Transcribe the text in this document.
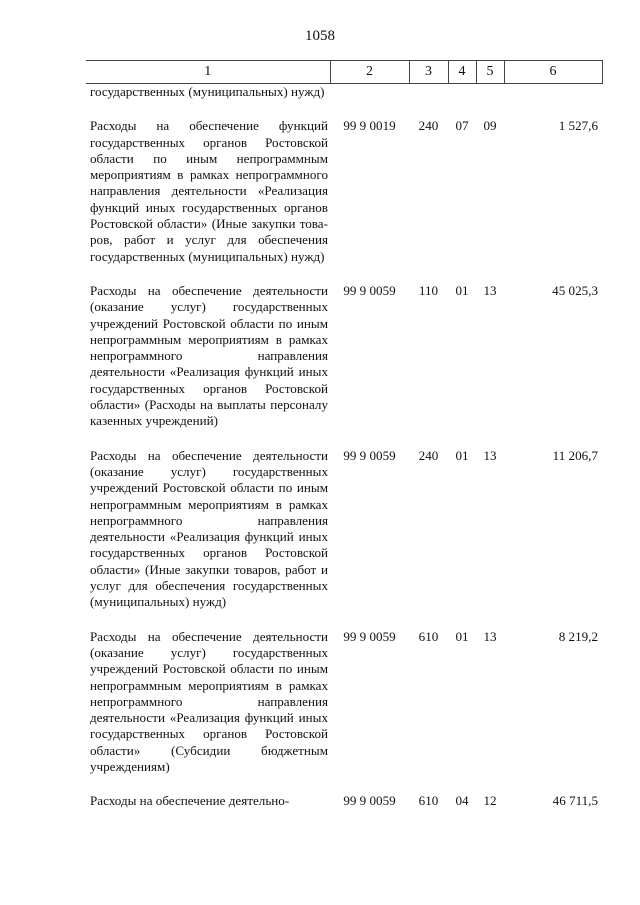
1058
1	2	3	4	5	6
государственных (муниципальных) нужд)					
Расходы на обеспечение функций государственных органов Ростовской области по иным непрограммным мероприятиям в рамках непрограммного направления деятельности «Реализация функций иных государственных органов Ростовской области» (Иные закупки товаров, работ и услуг для обеспечения государственных (муниципальных) нужд)	99 9 0019	240	07	09	1 527,6
Расходы на обеспечение деятельности (оказание услуг) государственных учреждений Ростовской области по иным непрограммным мероприятиям в рамках непрограммного направления деятельности «Реализация функций иных государственных органов Ростовской области» (Расходы на выплаты персоналу казенных учреждений)	99 9 0059	110	01	13	45 025,3
Расходы на обеспечение деятельности (оказание услуг) государственных учреждений Ростовской области по иным непрограммным мероприятиям в рамках непрограммного направления деятельности «Реализация функций иных государственных органов Ростовской области» (Иные закупки товаров, работ и услуг для обеспечения государственных (муниципальных) нужд)	99 9 0059	240	01	13	11 206,7
Расходы на обеспечение деятельности (оказание услуг) государственных учреждений Ростовской области по иным непрограммным мероприятиям в рамках непрограммного направления деятельности «Реализация функций иных государственных органов Ростовской области» (Субсидии бюджетным учреждениям)	99 9 0059	610	01	13	8 219,2
Расходы на обеспечение деятельно-	99 9 0059	610	04	12	46 711,5
